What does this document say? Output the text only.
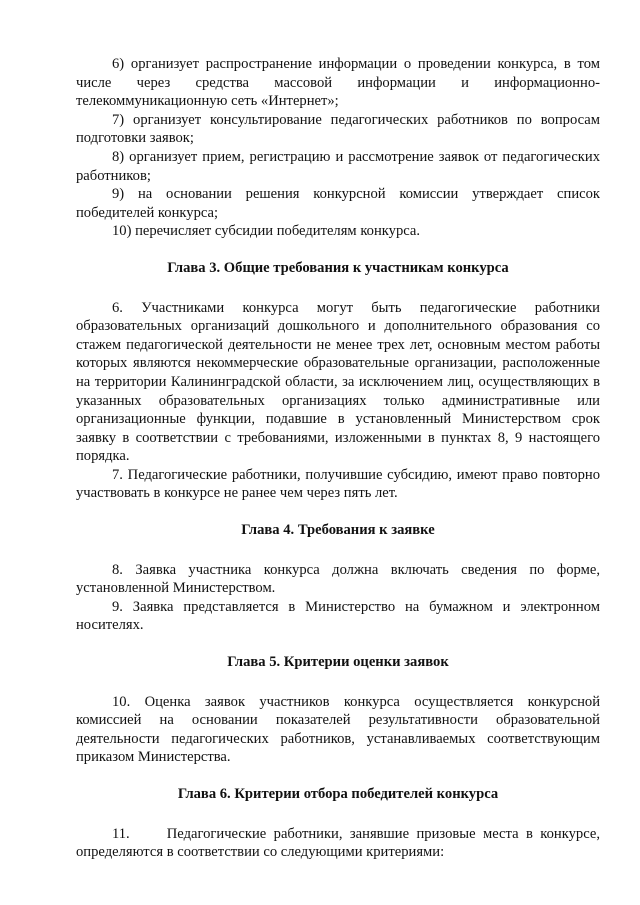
6) организует распространение информации о проведении конкурса, в том числе через средства массовой информации и информационно-телекоммуникационную сеть «Интернет»;

7) организует консультирование педагогических работников по вопросам подготовки заявок;

8) организует прием, регистрацию и рассмотрение заявок от педагогических работников;

9) на основании решения конкурсной комиссии утверждает список победителей конкурса;

10) перечисляет субсидии победителям конкурса.

Глава 3. Общие требования к участникам конкурса

6. Участниками конкурса могут быть педагогические работники образовательных организаций дошкольного и дополнительного образования со стажем педагогической деятельности не менее трех лет, основным местом работы которых являются некоммерческие образовательные организации, расположенные на территории Калининградской области, за исключением лиц, осуществляющих в указанных образовательных организациях только административные или организационные функции, подавшие в установленный Министерством срок заявку в соответствии с требованиями, изложенными в пунктах 8, 9 настоящего порядка.

7. Педагогические работники, получившие субсидию, имеют право повторно участвовать в конкурсе не ранее чем через пять лет.

Глава 4. Требования к заявке

8. Заявка участника конкурса должна включать сведения по форме, установленной Министерством.

9. Заявка представляется в Министерство на бумажном и электронном носителях.

Глава 5. Критерии оценки заявок

10. Оценка заявок участников конкурса осуществляется конкурсной комиссией на основании показателей результативности образовательной деятельности педагогических работников, устанавливаемых соответствующим приказом Министерства.

Глава 6. Критерии отбора победителей конкурса

11.     Педагогические работники, занявшие призовые места в конкурсе, определяются в соответствии со следующими критериями:
